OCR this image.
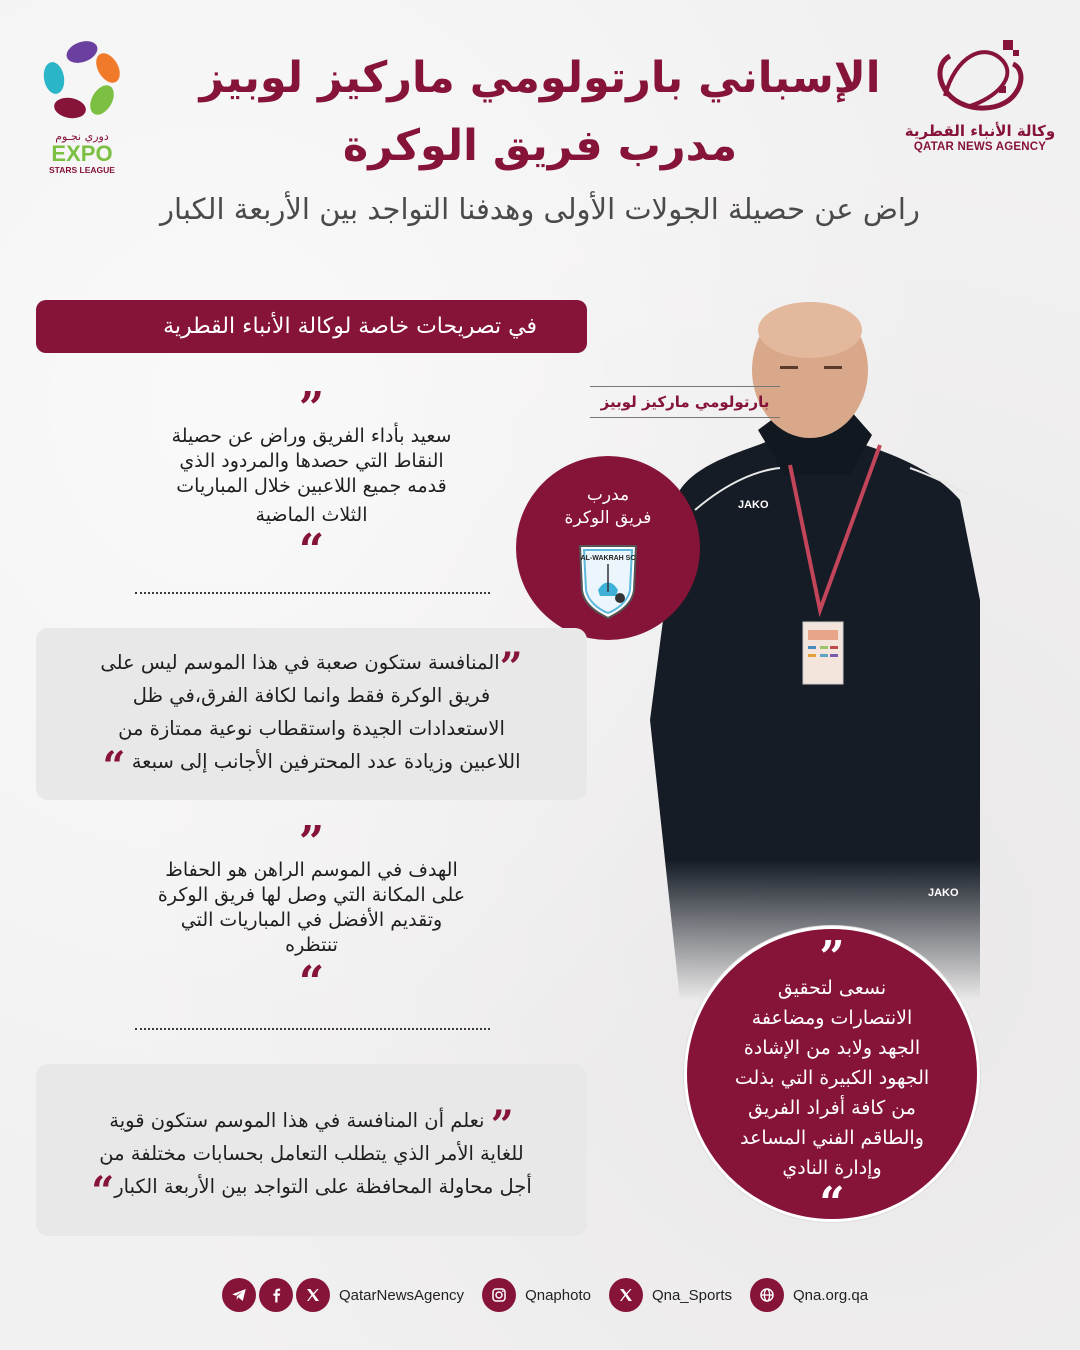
وكالة الأنباء القطرية
QATAR NEWS AGENCY
دوري نجـوم
EXPO
STARS LEAGUE
الإسباني بارتولومي ماركيز لوبيز
مدرب فريق الوكرة
راض عن حصيلة الجولات الأولى وهدفنا التواجد بين الأربعة الكبار
في تصريحات خاصة لوكالة الأنباء القطرية
JAKO
JAKO
بارتولومي ماركيز لوبيز
مدرب
فريق الوكرة
AL-WAKRAH SC
”
سعيد بأداء الفريق وراض عن حصيلة
النقاط التي حصدها والمردود الذي
قدمه جميع اللاعبين خلال المباريات
الثلاث الماضية
“
”المنافسة ستكون صعبة في هذا الموسم ليس على
فريق الوكرة فقط وانما لكافة الفرق،في ظل
الاستعدادات الجيدة واستقطاب نوعية ممتازة من
اللاعبين وزيادة عدد المحترفين الأجانب إلى سبعة “
”
الهدف في الموسم الراهن هو الحفاظ
على المكانة التي وصل لها فريق الوكرة
وتقديم الأفضل في المباريات التي
تنتظره
“
” نعلم أن المنافسة في هذا الموسم ستكون قوية
للغاية الأمر الذي يتطلب التعامل بحسابات مختلفة من
أجل محاولة المحافظة على التواجد بين الأربعة الكبار“
”
نسعى لتحقيق
الانتصارات ومضاعفة
الجهد ولابد من الإشادة
الجهود الكبيرة التي بذلت
من كافة أفراد الفريق
والطاقم الفني المساعد
وإدارة النادي
“
QatarNewsAgency	Qnaphoto	Qna_Sports	Qna.org.qa
